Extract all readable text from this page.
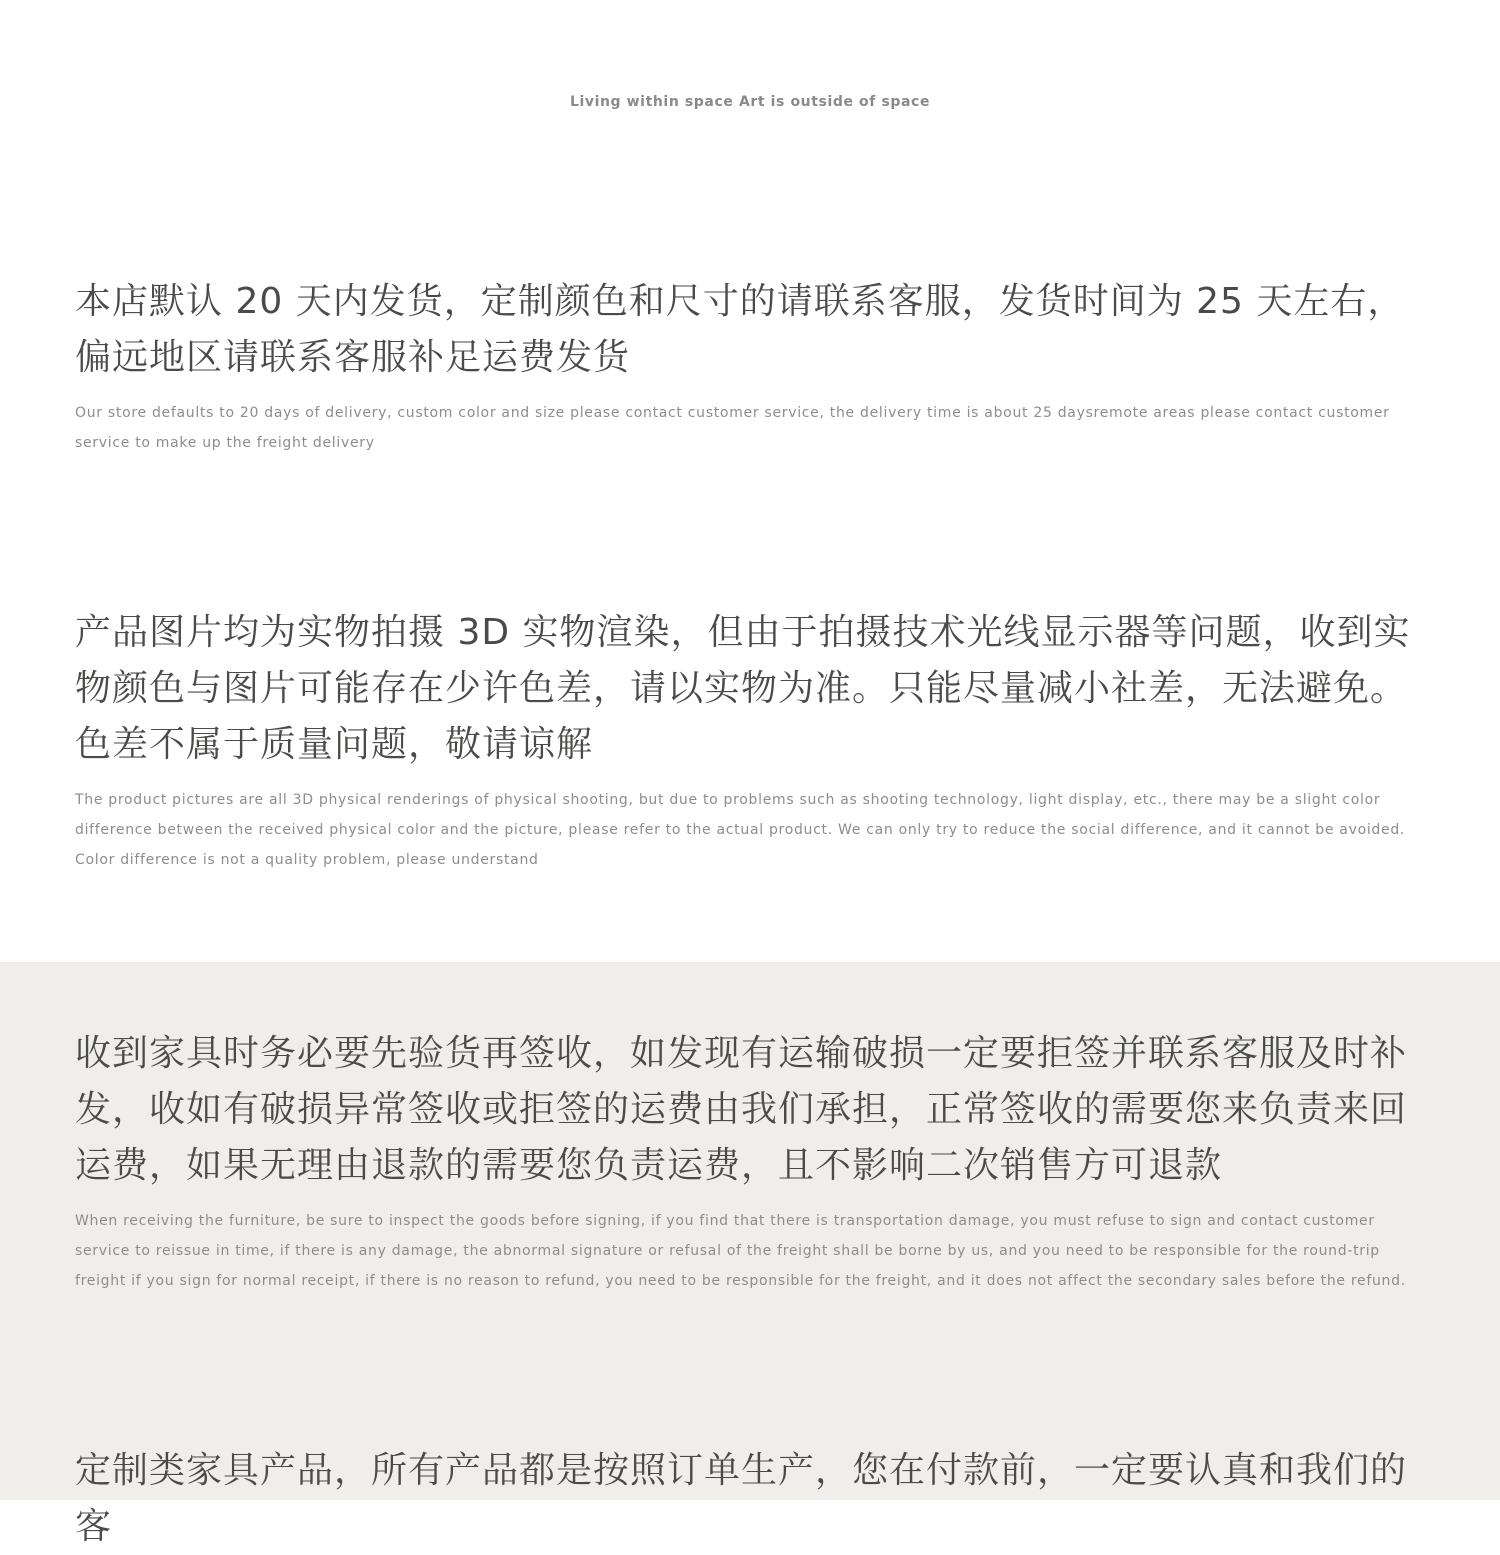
Living within space Art is outside of space
本店默认 20 天内发货，定制颜色和尺寸的请联系客服，发货时间为 25 天左右，偏远地区请联系客服补足运费发货
Our store defaults to 20 days of delivery, custom color and size please contact customer service, the delivery time is about 25 daysremote areas please contact customer service to make up the freight delivery
产品图片均为实物拍摄 3D 实物渲染，但由于拍摄技术光线显示器等问题，收到实物颜色与图片可能存在少许色差，请以实物为准。只能尽量减小社差，无法避免。色差不属于质量问题，敬请谅解
The product pictures are all 3D physical renderings of physical shooting, but due to problems such as shooting technology, light display, etc., there may be a slight color difference between the received physical color and the picture, please refer to the actual product. We can only try to reduce the social difference, and it cannot be avoided. Color difference is not a quality problem, please understand
收到家具时务必要先验货再签收，如发现有运输破损一定要拒签并联系客服及时补发，收如有破损异常签收或拒签的运费由我们承担，正常签收的需要您来负责来回运费，如果无理由退款的需要您负责运费，且不影响二次销售方可退款
When receiving the furniture, be sure to inspect the goods before signing, if you find that there is transportation damage, you must refuse to sign and contact customer service to reissue in time, if there is any damage, the abnormal signature or refusal of the freight shall be borne by us, and you need to be responsible for the round-trip freight if you sign for normal receipt, if there is no reason to refund, you need to be responsible for the freight, and it does not affect the secondary sales before the refund.
定制类家具产品，所有产品都是按照订单生产，您在付款前，一定要认真和我们的客
